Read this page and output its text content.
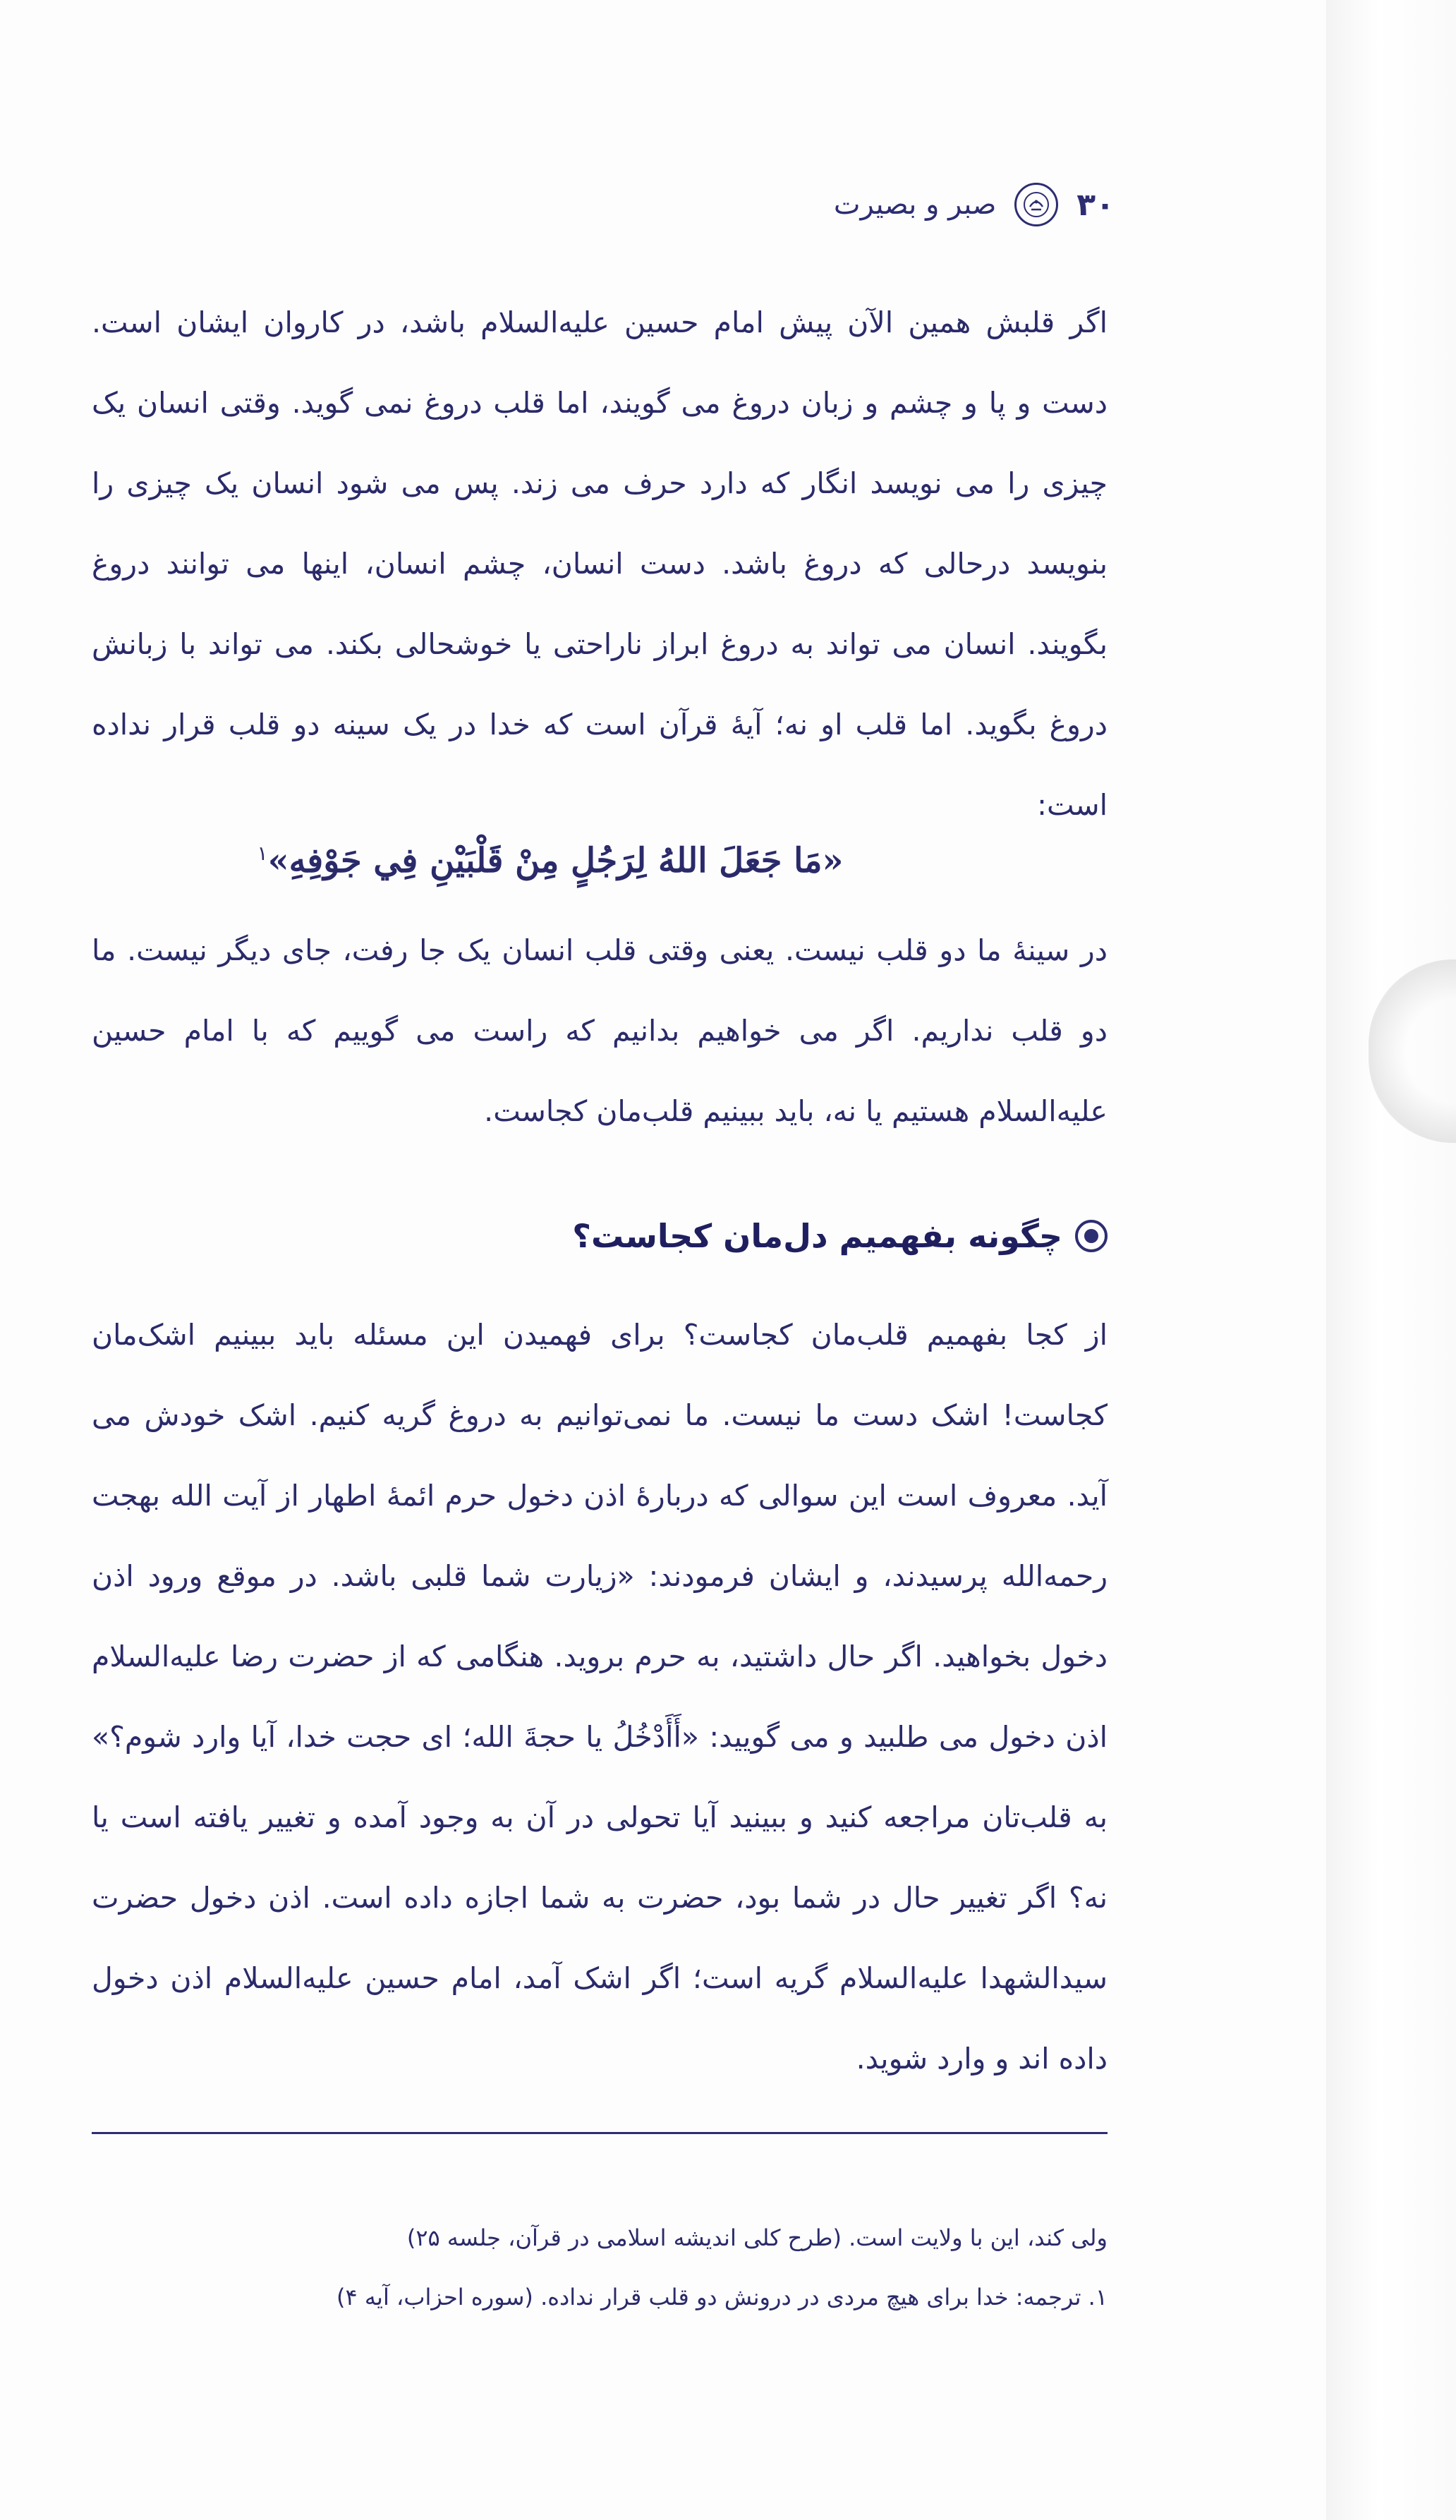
صبر و بصیرت	۳۰

اگر قلبش همین الآن پیش امام حسین علیه‌السلام باشد، در کاروان ایشان است. دست و پا و چشم و زبان دروغ می گویند، اما قلب دروغ نمی گوید. وقتی انسان یک چیزی را می نویسد انگار که دارد حرف می زند. پس می شود انسان یک چیزی را بنویسد درحالی که دروغ باشد. دست انسان، چشم انسان، اینها می توانند دروغ بگویند. انسان می تواند به دروغ ابراز ناراحتی یا خوشحالی بکند. می تواند با زبانش دروغ بگوید. اما قلب او نه؛ آیۀ قرآن است که خدا در یک سینه دو قلب قرار نداده است:

«مَا جَعَلَ اللهُ لِرَجُلٍ مِنْ قَلْبَيْنِ فِي جَوْفِهِ»$^۱$

در سینۀ ما دو قلب نیست. یعنی وقتی قلب انسان یک جا رفت، جای دیگر نیست. ما دو قلب نداریم. اگر می خواهیم بدانیم که راست می گوییم که با امام حسین علیه‌السلام هستیم یا نه، باید ببینیم قلب‌مان کجاست.

چگونه بفهمیم دل‌مان کجاست؟

از کجا بفهمیم قلب‌مان کجاست؟ برای فهمیدن این مسئله باید ببینیم اشک‌مان کجاست! اشک دست ما نیست. ما نمی‌توانیم به دروغ گریه کنیم. اشک خودش می آید. معروف است این سوالی که دربارۀ اذن دخول حرم ائمۀ اطهار از آیت الله بهجت رحمه‌الله پرسیدند، و ایشان فرمودند: «زیارت شما قلبی باشد. در موقع ورود اذن دخول بخواهید. اگر حال داشتید، به حرم بروید. هنگامی که از حضرت رضا علیه‌السلام اذن دخول می طلبید و می گویید: «أَأَدْخُلُ يا حجةَ الله؛ ای حجت خدا، آیا وارد شوم؟» به قلب‌تان مراجعه کنید و ببینید آیا تحولی در آن به وجود آمده و تغییر یافته است یا نه؟ اگر تغییر حال در شما بود، حضرت به شما اجازه داده است. اذن دخول حضرت سیدالشهدا علیه‌السلام گریه است؛ اگر اشک آمد، امام حسین علیه‌السلام اذن دخول داده اند و وارد شوید.

ولی کند، این با ولایت است. (طرح کلی اندیشه اسلامی در قرآن، جلسه ۲۵)

۱. ترجمه: خدا برای هیچ مردی در درونش دو قلب قرار نداده. (سوره احزاب، آیه ۴)
